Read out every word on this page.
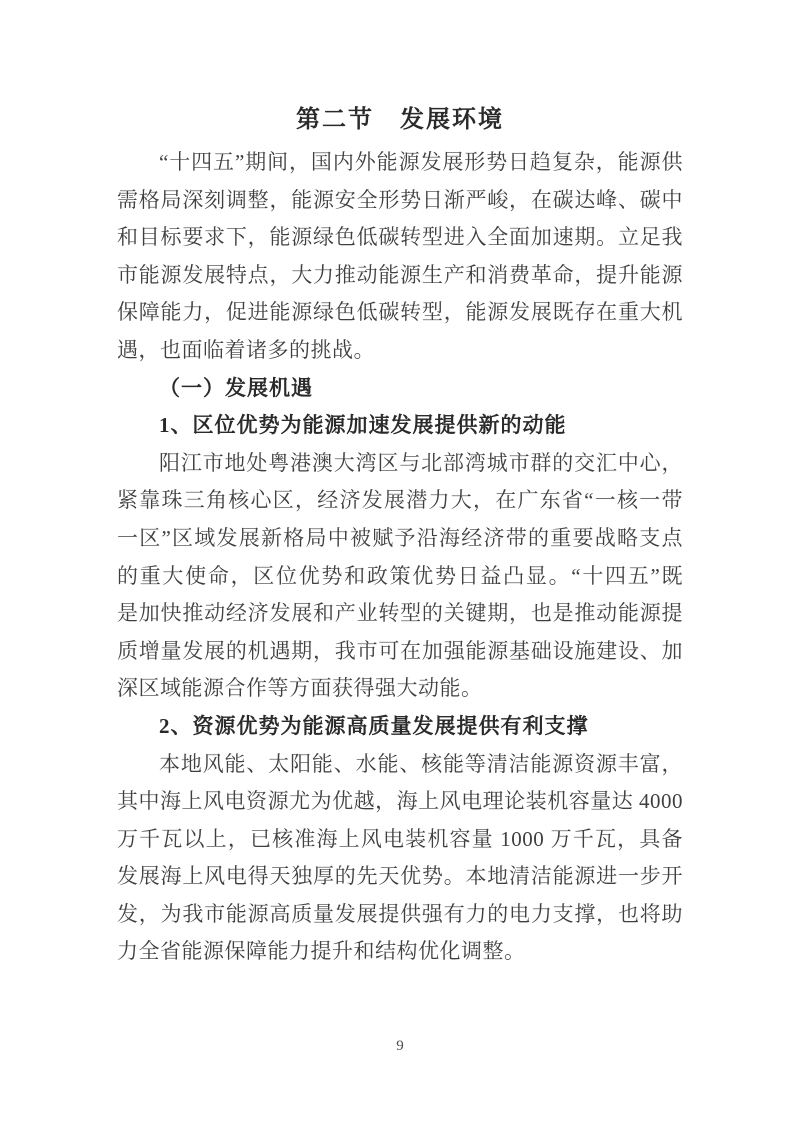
第二节　发展环境
“十四五”期间，国内外能源发展形势日趋复杂，能源供
需格局深刻调整，能源安全形势日渐严峻，在碳达峰、碳中
和目标要求下，能源绿色低碳转型进入全面加速期。立足我
市能源发展特点，大力推动能源生产和消费革命，提升能源
保障能力，促进能源绿色低碳转型，能源发展既存在重大机
遇，也面临着诸多的挑战。
（一）发展机遇
1、区位优势为能源加速发展提供新的动能
阳江市地处粤港澳大湾区与北部湾城市群的交汇中心，
紧靠珠三角核心区，经济发展潜力大，在广东省“一核一带
一区”区域发展新格局中被赋予沿海经济带的重要战略支点
的重大使命，区位优势和政策优势日益凸显。“十四五”既
是加快推动经济发展和产业转型的关键期，也是推动能源提
质增量发展的机遇期，我市可在加强能源基础设施建设、加
深区域能源合作等方面获得强大动能。
2、资源优势为能源高质量发展提供有利支撑
本地风能、太阳能、水能、核能等清洁能源资源丰富，
其中海上风电资源尤为优越，海上风电理论装机容量达 4000
万千瓦以上，已核准海上风电装机容量 1000 万千瓦，具备
发展海上风电得天独厚的先天优势。本地清洁能源进一步开
发，为我市能源高质量发展提供强有力的电力支撑，也将助
力全省能源保障能力提升和结构优化调整。
9
